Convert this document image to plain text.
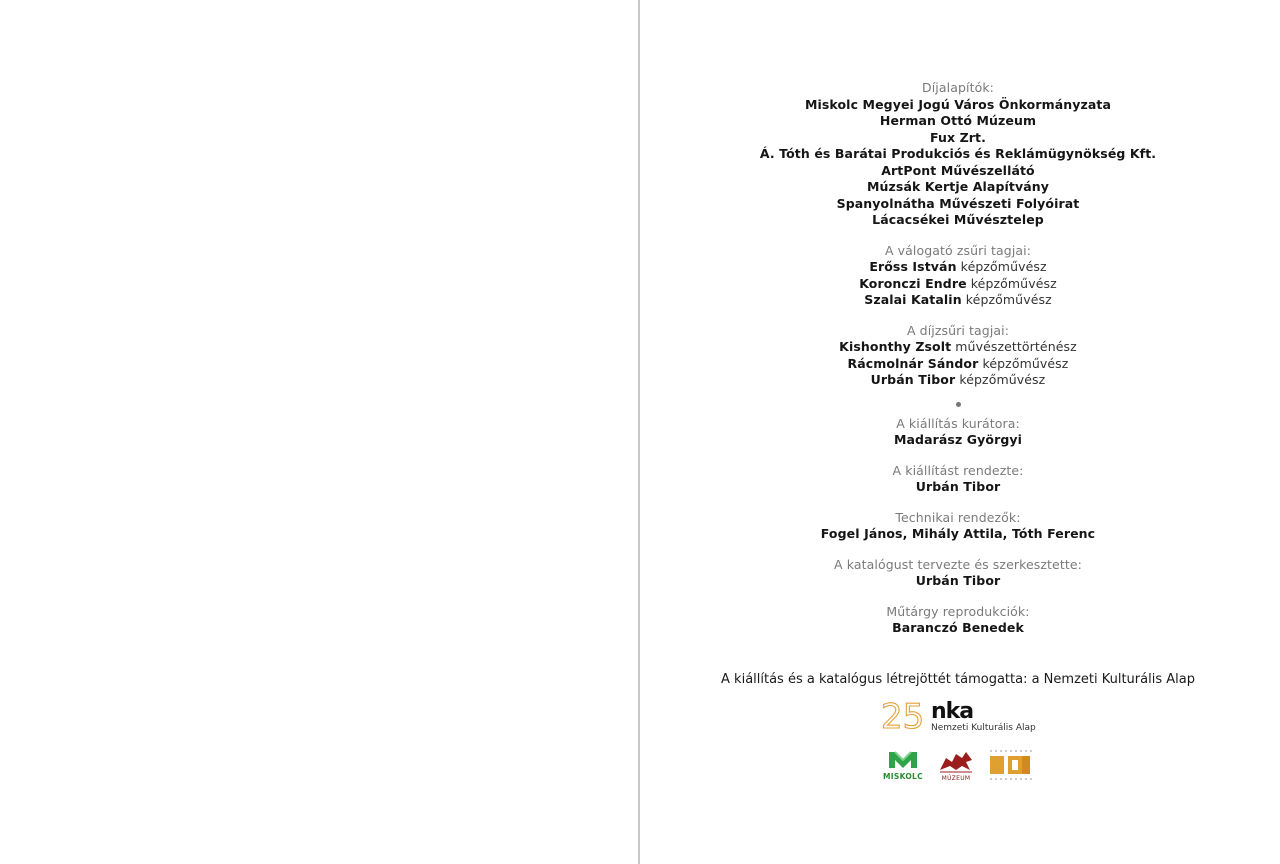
Díjalapítók:
Miskolc Megyei Jogú Város Önkormányzata
Herman Ottó Múzeum
Fux Zrt.
Á. Tóth és Barátai Produkciós és Reklámügynökség Kft.
ArtPont Művészellátó
Múzsák Kertje Alapítvány
Spanyolnátha Művészeti Folyóirat
Lácacsékei Művésztelep
A válogató zsűri tagjai:
Erőss István képzőművész
Koronczi Endre képzőművész
Szalai Katalin képzőművész
A díjzsűri tagjai:
Kishonthy Zsolt művészettörténész
Rácmolnár Sándor képzőművész
Urbán Tibor képzőművész
A kiállítás kurátora:
Madarász Györgyi
A kiállítást rendezte:
Urbán Tibor
Technikai rendezők:
Fogel János, Mihály Attila, Tóth Ferenc
A katalógust tervezte és szerkesztette:
Urbán Tibor
Műtárgy reprodukciók:
Baranczó Benedek
A kiállítás és a katalógus létrejöttét támogatta: a Nemzeti Kulturális Alap
25 nka
Nemzeti Kulturális Alap
MISKOLC	MÚZEUM
